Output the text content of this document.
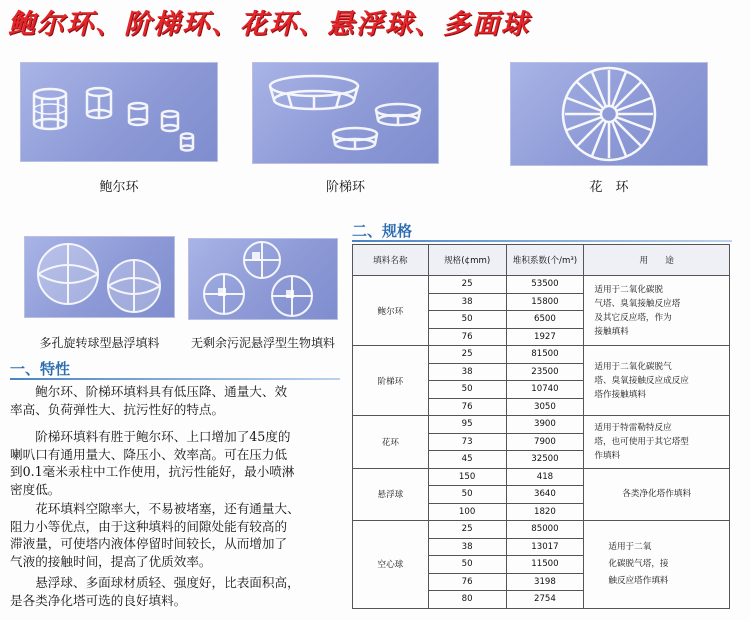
鲍尔环、阶梯环、花环、悬浮球、多面球
鲍尔环	阶梯环	花　环
多孔旋转球型悬浮填料	无剩余污泥悬浮型生物填料
一、特性
　　鲍尔环、阶梯环填料具有低压降、通量大、效
率高、负荷弹性大、抗污性好的特点。
　　阶梯环填料有胜于鲍尔环、上口增加了45度的
喇叭口有通用量大、降压小、效率高。可在压力低
到0.1毫米汞柱中工作使用，抗污性能好，最小喷淋
密度低。
　　花环填料空隙率大，不易被堵塞，还有通量大、
阻力小等优点，由于这种填料的间隙处能有较高的
滞液量，可使塔内液体停留时间较长，从而增加了
气液的接触时间，提高了优质效率。
　　悬浮球、多面球材质轻、强度好，比表面积高，
是各类净化塔可选的良好填料。
二、规格
填料名称	规格(¢mm)	堆积系数(个/m³)	用　　途
鲍尔环	25	53500	适用于二氧化碳脱
气塔、臭氧接触反应塔
及其它反应塔，作为
接触填料

	38	15800	
	50	6500	
	76	1927	
阶梯环	25	81500	适用于二氧化碳脱气
塔、臭氧接触反应成反应
塔作接触填料

	38	23500	
	50	10740	
	76	3050	
花环	95	3900	适用于特雷勒特反应
塔，也可使用于其它塔型
作填料

	73	7900	
	45	32500	
悬浮球	150	418	各类净化塔作填料

	50	3640	
	100	1820	
空心球	25	85000	适用于二氧
化碳脱气塔，接
触反应塔作填料

	38	13017	
	50	11500	
	76	3198	
	80	2754	
